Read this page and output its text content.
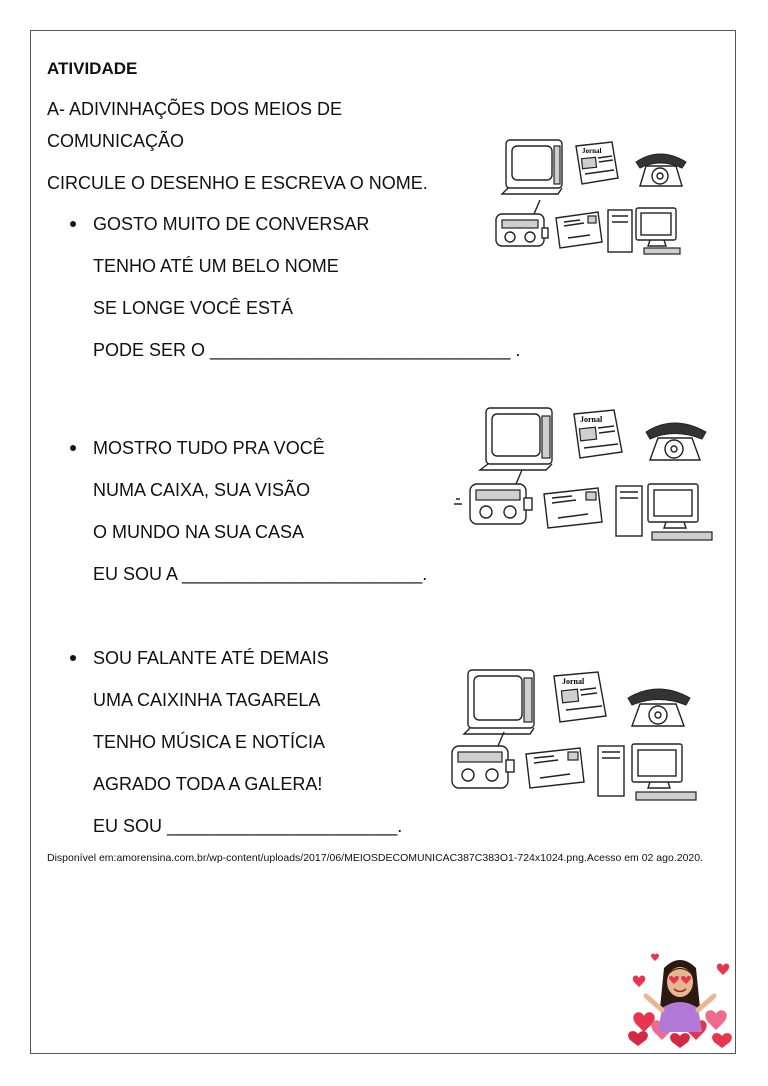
ATIVIDADE
A- ADIVINHAÇÕES DOS MEIOS DE
COMUNICAÇÃO
CIRCULE O DESENHO E ESCREVA O NOME.
GOSTO MUITO DE CONVERSAR
TENHO ATÉ UM BELO NOME
SE LONGE VOCÊ ESTÁ
PODE SER O ______________________________ .
MOSTRO TUDO PRA VOCÊ
NUMA CAIXA, SUA VISÃO
O MUNDO NA SUA CASA
EU SOU A ________________________.
SOU FALANTE ATÉ DEMAIS
UMA CAIXINHA TAGARELA
TENHO MÚSICA E NOTÍCIA
AGRADO TODA A GALERA!
EU SOU _______________________.
Jornal
Jornal
Jornal
Disponível em:amorensina.com.br/wp-content/uploads/2017/06/MEIOSDECOMUNICAC387C383O1-724x1024.png.Acesso em 02 ago.2020.
